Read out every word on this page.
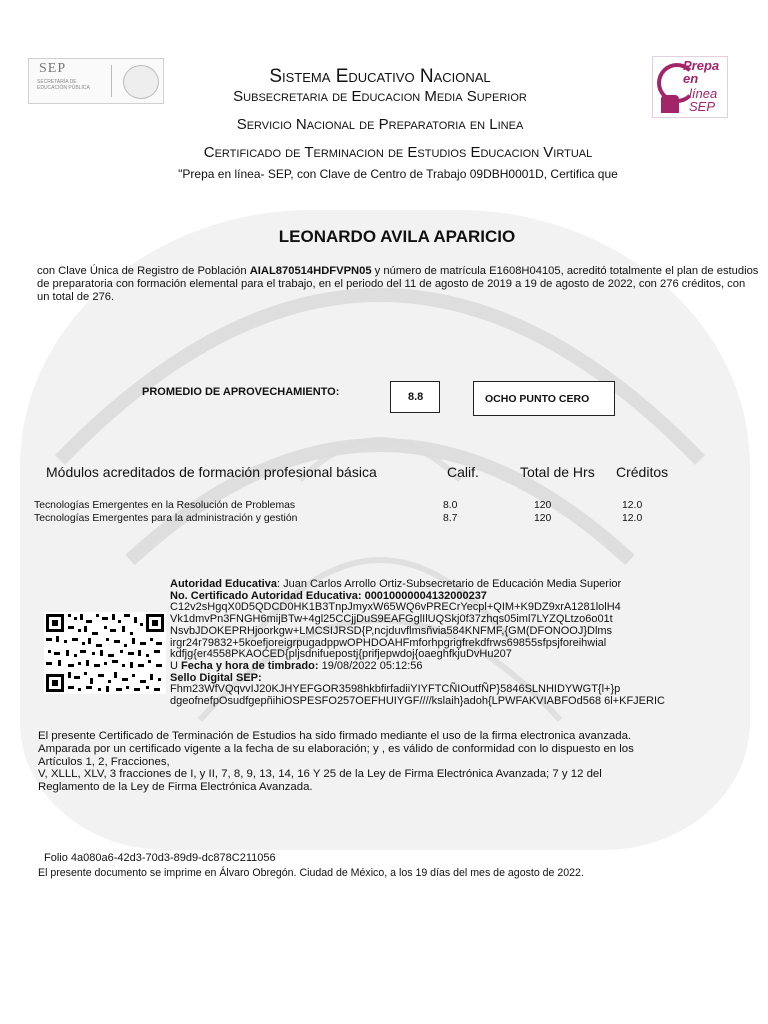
SEP
SECRETARÍA DE EDUCACIÓN PÚBLICA
Prepa en
línea SEP
Sistema Educativo Nacional
Subsecretaria de Educacion Media Superior
Servicio Nacional de Preparatoria en Linea
Certificado de Terminacion de Estudios Educacion Virtual
"Prepa en línea- SEP, con Clave de Centro de Trabajo 09DBH0001D, Certifica que
LEONARDO AVILA APARICIO
con Clave Única de Registro de Población AIAL870514HDFVPN05 y número de matrícula E1608H04105, acreditó totalmente el plan de estudios de preparatoria con formación elemental para el trabajo, en el periodo del 11 de agosto de 2019 a 19 de agosto de 2022, con 276 créditos, con un total de 276.
PROMEDIO DE APROVECHAMIENTO:	8.8	OCHO PUNTO CERO
Módulos acreditados de formación profesional básica	Calif.	Total de Hrs Créditos
Tecnologías Emergentes en la Resolución de Problemas	8.0	120	12.0
Tecnologías Emergentes para la administración y gestión	8.7	120	12.0
Autoridad Educativa: Juan Carlos Arrollo Ortiz-Subsecretario de Educación Media Superior
No. Certificado Autoridad Educativa: 00010000004132000237
C12v2sHgqX0D5QDCD0HK1B3TnpJmyxW65WQ6vPRECrYecpl+QIM+K9DZ9xrA1281lolH4
Vk1dmvPn3FNGH6mijBTw+4gl25CCjjDuS9EAFGglIlUQSkj0f37zhqs05iml7LYZQLtzo6o01t
NsvbJDOKEPRHjoorkgw+LMCSIJRSD{P,ncjduvflmsñvia584KNFMF,{GM(DFONOOJ}Dlms
irgr24r79832+5koefjoreigrpugadppwOPHDOAHFmforhpgrigfrekdfrws69855sfpsjforeihwial
kdfjg{er4558PKAOCED{pljsdnifuepostj{prifjepwdoj{oaeghfkjuDvHu207
U Fecha y hora de timbrado: 19/08/2022 05:12:56
Sello Digital SEP:
Fhm23WfVQqvvIJ20KJHYEFGOR3598hkbfirfadiiYIYFTCÑIOutfÑP}5846SLNHIDYWGT{l+}p
dgeofnefpOsudfgepñihiOSPESFO257OEFHUIYGF////kslaih}adoh{LPWFAKVIABFOd568 6l+KFJERIC
El presente Certificado de Terminación de Estudios ha sido firmado mediante el uso de la firma electronica avanzada.
Amparada por un certificado vigente a la fecha de su elaboración; y , es válido de conformidad con lo dispuesto en los
Artículos 1, 2, Fracciones,
V, XLLL, XLV, 3 fracciones de I, y II, 7, 8, 9, 13, 14, 16 Y 25 de la Ley de Firma Electrónica Avanzada; 7 y 12 del
Reglamento de la Ley de Firma Electrónica Avanzada.
Folio 4a080a6-42d3-70d3-89d9-dc878C211056
El presente documento se imprime en Álvaro Obregón. Ciudad de México, a los 19 días del mes de agosto de 2022.
